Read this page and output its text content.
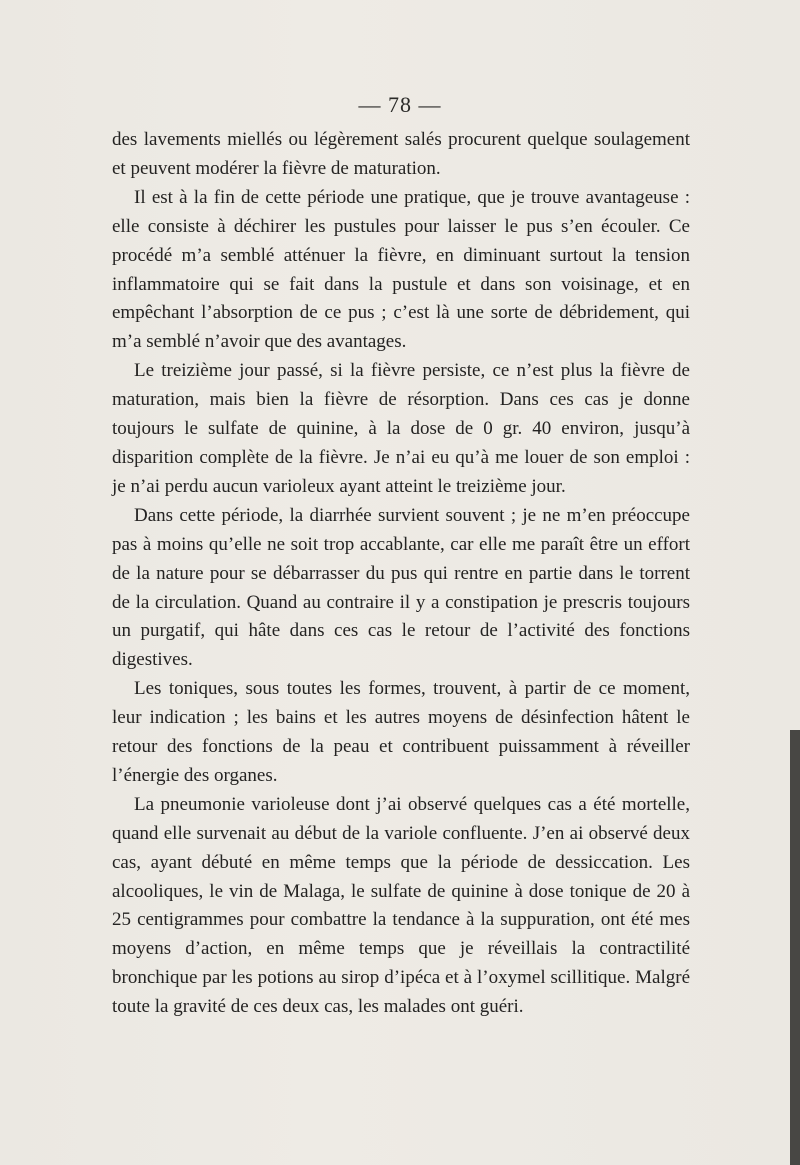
— 78 —

des lavements miellés ou légèrement salés procurent quelque soulagement et peuvent modérer la fièvre de maturation.

Il est à la fin de cette période une pratique, que je trouve avantageuse : elle consiste à déchirer les pustules pour laisser le pus s’en écouler. Ce procédé m’a semblé atténuer la fièvre, en diminuant surtout la tension inflammatoire qui se fait dans la pustule et dans son voisinage, et en empêchant l’absorption de ce pus ; c’est là une sorte de débridement, qui m’a semblé n’avoir que des avantages.

Le treizième jour passé, si la fièvre persiste, ce n’est plus la fièvre de maturation, mais bien la fièvre de résorption. Dans ces cas je donne toujours le sulfate de quinine, à la dose de 0 gr. 40 environ, jusqu’à disparition complète de la fièvre. Je n’ai eu qu’à me louer de son emploi : je n’ai perdu aucun varioleux ayant atteint le treizième jour.

Dans cette période, la diarrhée survient souvent ; je ne m’en préoccupe pas à moins qu’elle ne soit trop accablante, car elle me paraît être un effort de la nature pour se débarrasser du pus qui rentre en partie dans le torrent de la circulation. Quand au contraire il y a constipation je prescris toujours un purgatif, qui hâte dans ces cas le retour de l’activité des fonctions digestives.

Les toniques, sous toutes les formes, trouvent, à partir de ce moment, leur indication ; les bains et les autres moyens de désinfection hâtent le retour des fonctions de la peau et contribuent puissamment à réveiller l’énergie des organes.

La pneumonie varioleuse dont j’ai observé quelques cas a été mortelle, quand elle survenait au début de la variole confluente. J’en ai observé deux cas, ayant débuté en même temps que la période de dessiccation. Les alcooliques, le vin de Malaga, le sulfate de quinine à dose tonique de 20 à 25 centigrammes pour combattre la tendance à la suppuration, ont été mes moyens d’action, en même temps que je réveillais la contractilité bronchique par les potions au sirop d’ipéca et à l’oxymel scillitique. Malgré toute la gravité de ces deux cas, les malades ont guéri.
